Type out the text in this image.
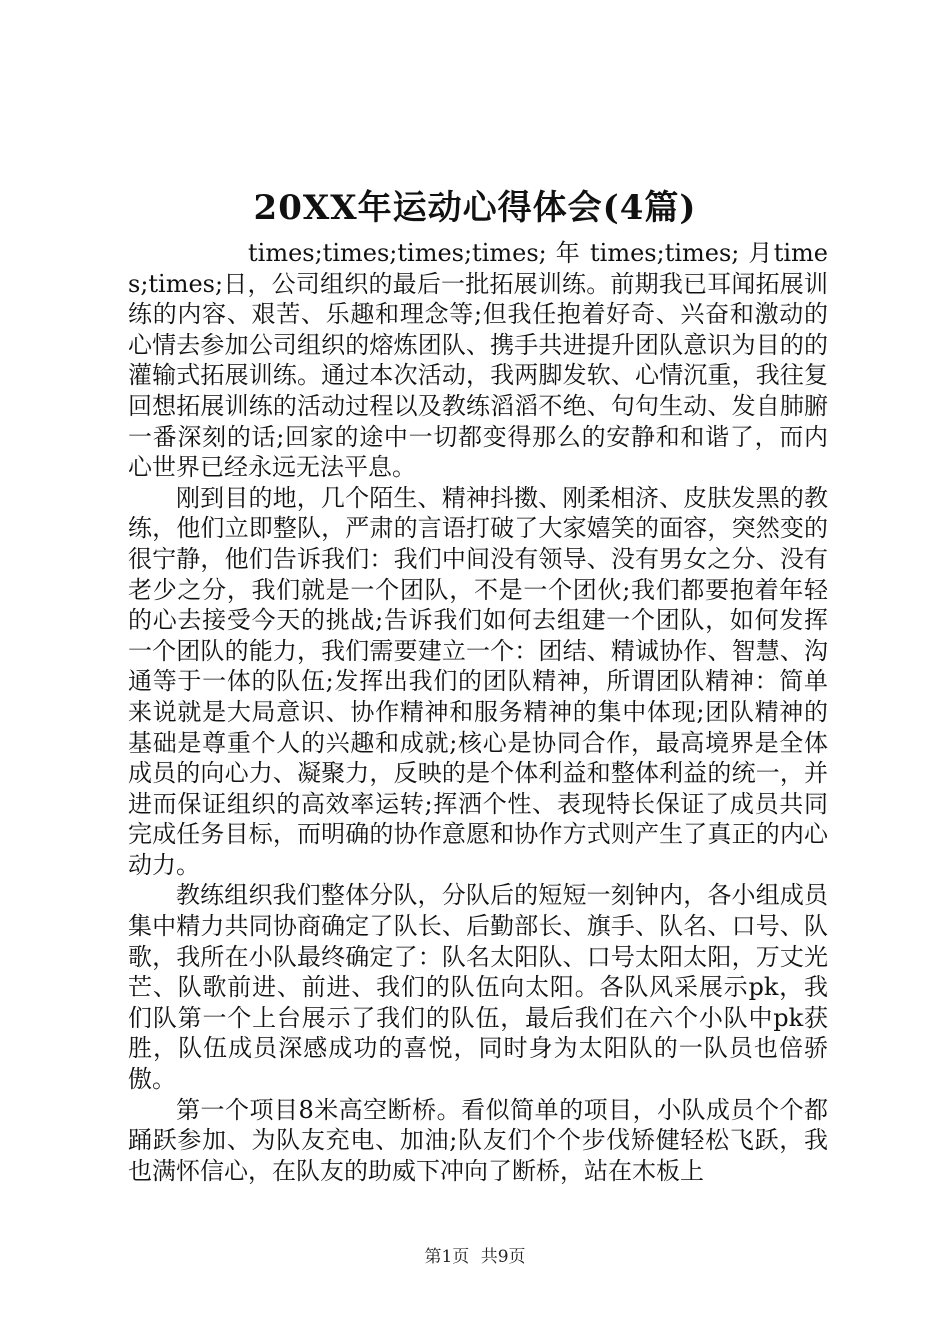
20XX年运动心得体会(4篇)

times;times;times;times; 年 times;times; 月times;times;日，公司组织的最后一批拓展训练。前期我已耳闻拓展训练的内容、艰苦、乐趣和理念等;但我任抱着好奇、兴奋和激动的心情去参加公司组织的熔炼团队、携手共进提升团队意识为目的的灌输式拓展训练。通过本次活动，我两脚发软、心情沉重，我往复回想拓展训练的活动过程以及教练滔滔不绝、句句生动、发自肺腑一番深刻的话;回家的途中一切都变得那么的安静和和谐了，而内心世界已经永远无法平息。

刚到目的地，几个陌生、精神抖擞、刚柔相济、皮肤发黑的教练，他们立即整队，严肃的言语打破了大家嬉笑的面容，突然变的很宁静，他们告诉我们：我们中间没有领导、没有男女之分、没有老少之分，我们就是一个团队，不是一个团伙;我们都要抱着年轻的心去接受今天的挑战;告诉我们如何去组建一个团队，如何发挥一个团队的能力，我们需要建立一个：团结、精诚协作、智慧、沟通等于一体的队伍;发挥出我们的团队精神，所谓团队精神：简单来说就是大局意识、协作精神和服务精神的集中体现;团队精神的基础是尊重个人的兴趣和成就;核心是协同合作，最高境界是全体成员的向心力、凝聚力，反映的是个体利益和整体利益的统一，并进而保证组织的高效率运转;挥洒个性、表现特长保证了成员共同完成任务目标，而明确的协作意愿和协作方式则产生了真正的内心动力。

教练组织我们整体分队，分队后的短短一刻钟内，各小组成员集中精力共同协商确定了队长、后勤部长、旗手、队名、口号、队歌，我所在小队最终确定了：队名太阳队、口号太阳太阳，万丈光芒、队歌前进、前进、我们的队伍向太阳。各队风采展示pk，我们队第一个上台展示了我们的队伍，最后我们在六个小队中pk获胜，队伍成员深感成功的喜悦，同时身为太阳队的一队员也倍骄傲。

第一个项目8米高空断桥。看似简单的项目，小队成员个个都踊跃参加、为队友充电、加油;队友们个个步伐矫健轻松飞跃，我也满怀信心，在队友的助威下冲向了断桥，站在木板上

第1页 共9页
